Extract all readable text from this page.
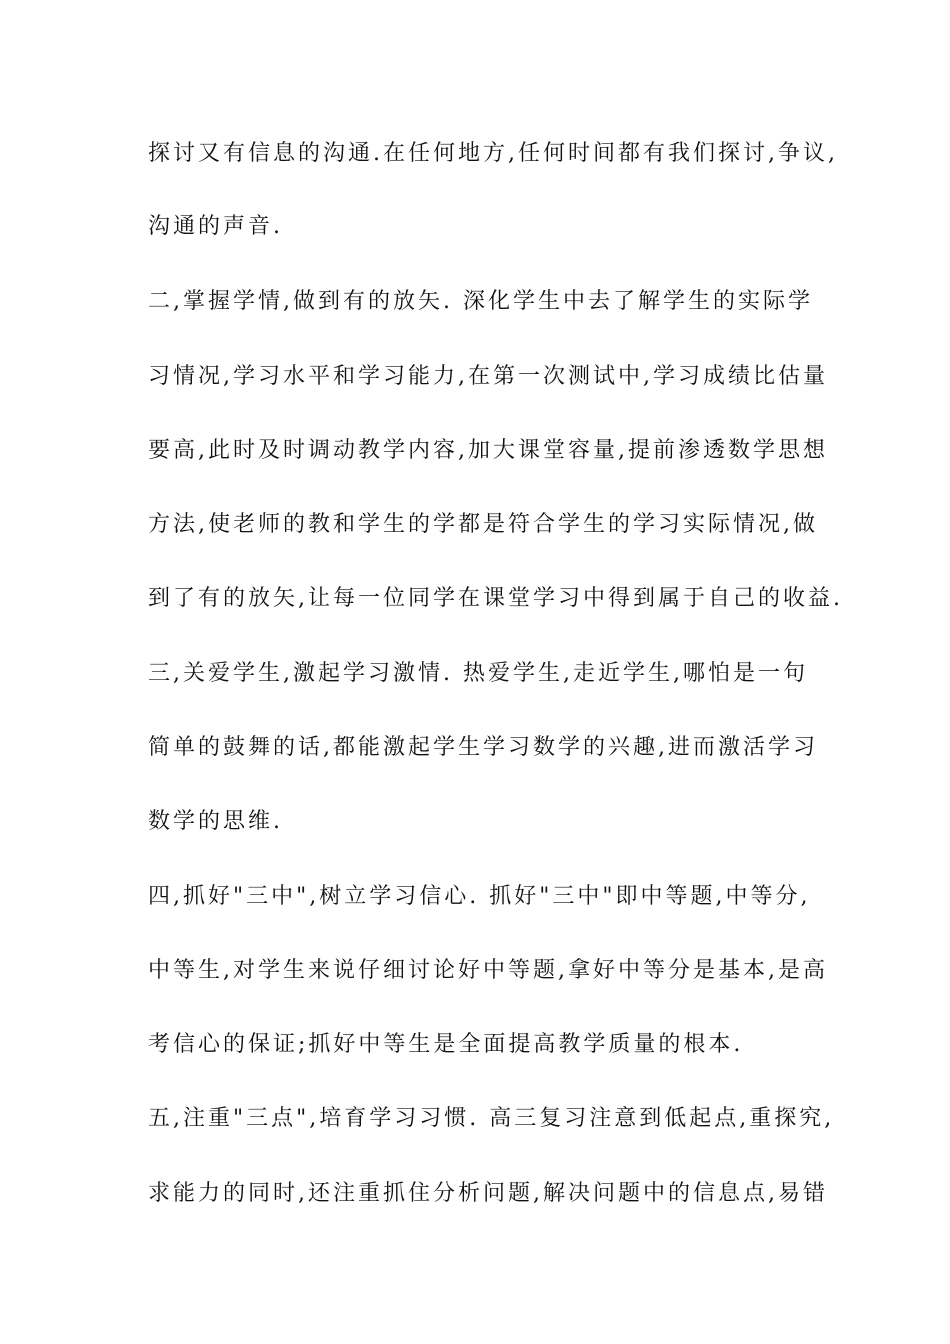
探讨又有信息的沟通.在任何地方,任何时间都有我们探讨,争议,
沟通的声音.
二,掌握学情,做到有的放矢. 深化学生中去了解学生的实际学
习情况,学习水平和学习能力,在第一次测试中,学习成绩比估量
要高,此时及时调动教学内容,加大课堂容量,提前渗透数学思想
方法,使老师的教和学生的学都是符合学生的学习实际情况,做
到了有的放矢,让每一位同学在课堂学习中得到属于自己的收益.
三,关爱学生,激起学习激情. 热爱学生,走近学生,哪怕是一句
简单的鼓舞的话,都能激起学生学习数学的兴趣,进而激活学习
数学的思维.
四,抓好"三中",树立学习信心. 抓好"三中"即中等题,中等分,
中等生,对学生来说仔细讨论好中等题,拿好中等分是基本,是高
考信心的保证;抓好中等生是全面提高教学质量的根本.
五,注重"三点",培育学习习惯. 高三复习注意到低起点,重探究,
求能力的同时,还注重抓住分析问题,解决问题中的信息点,易错
